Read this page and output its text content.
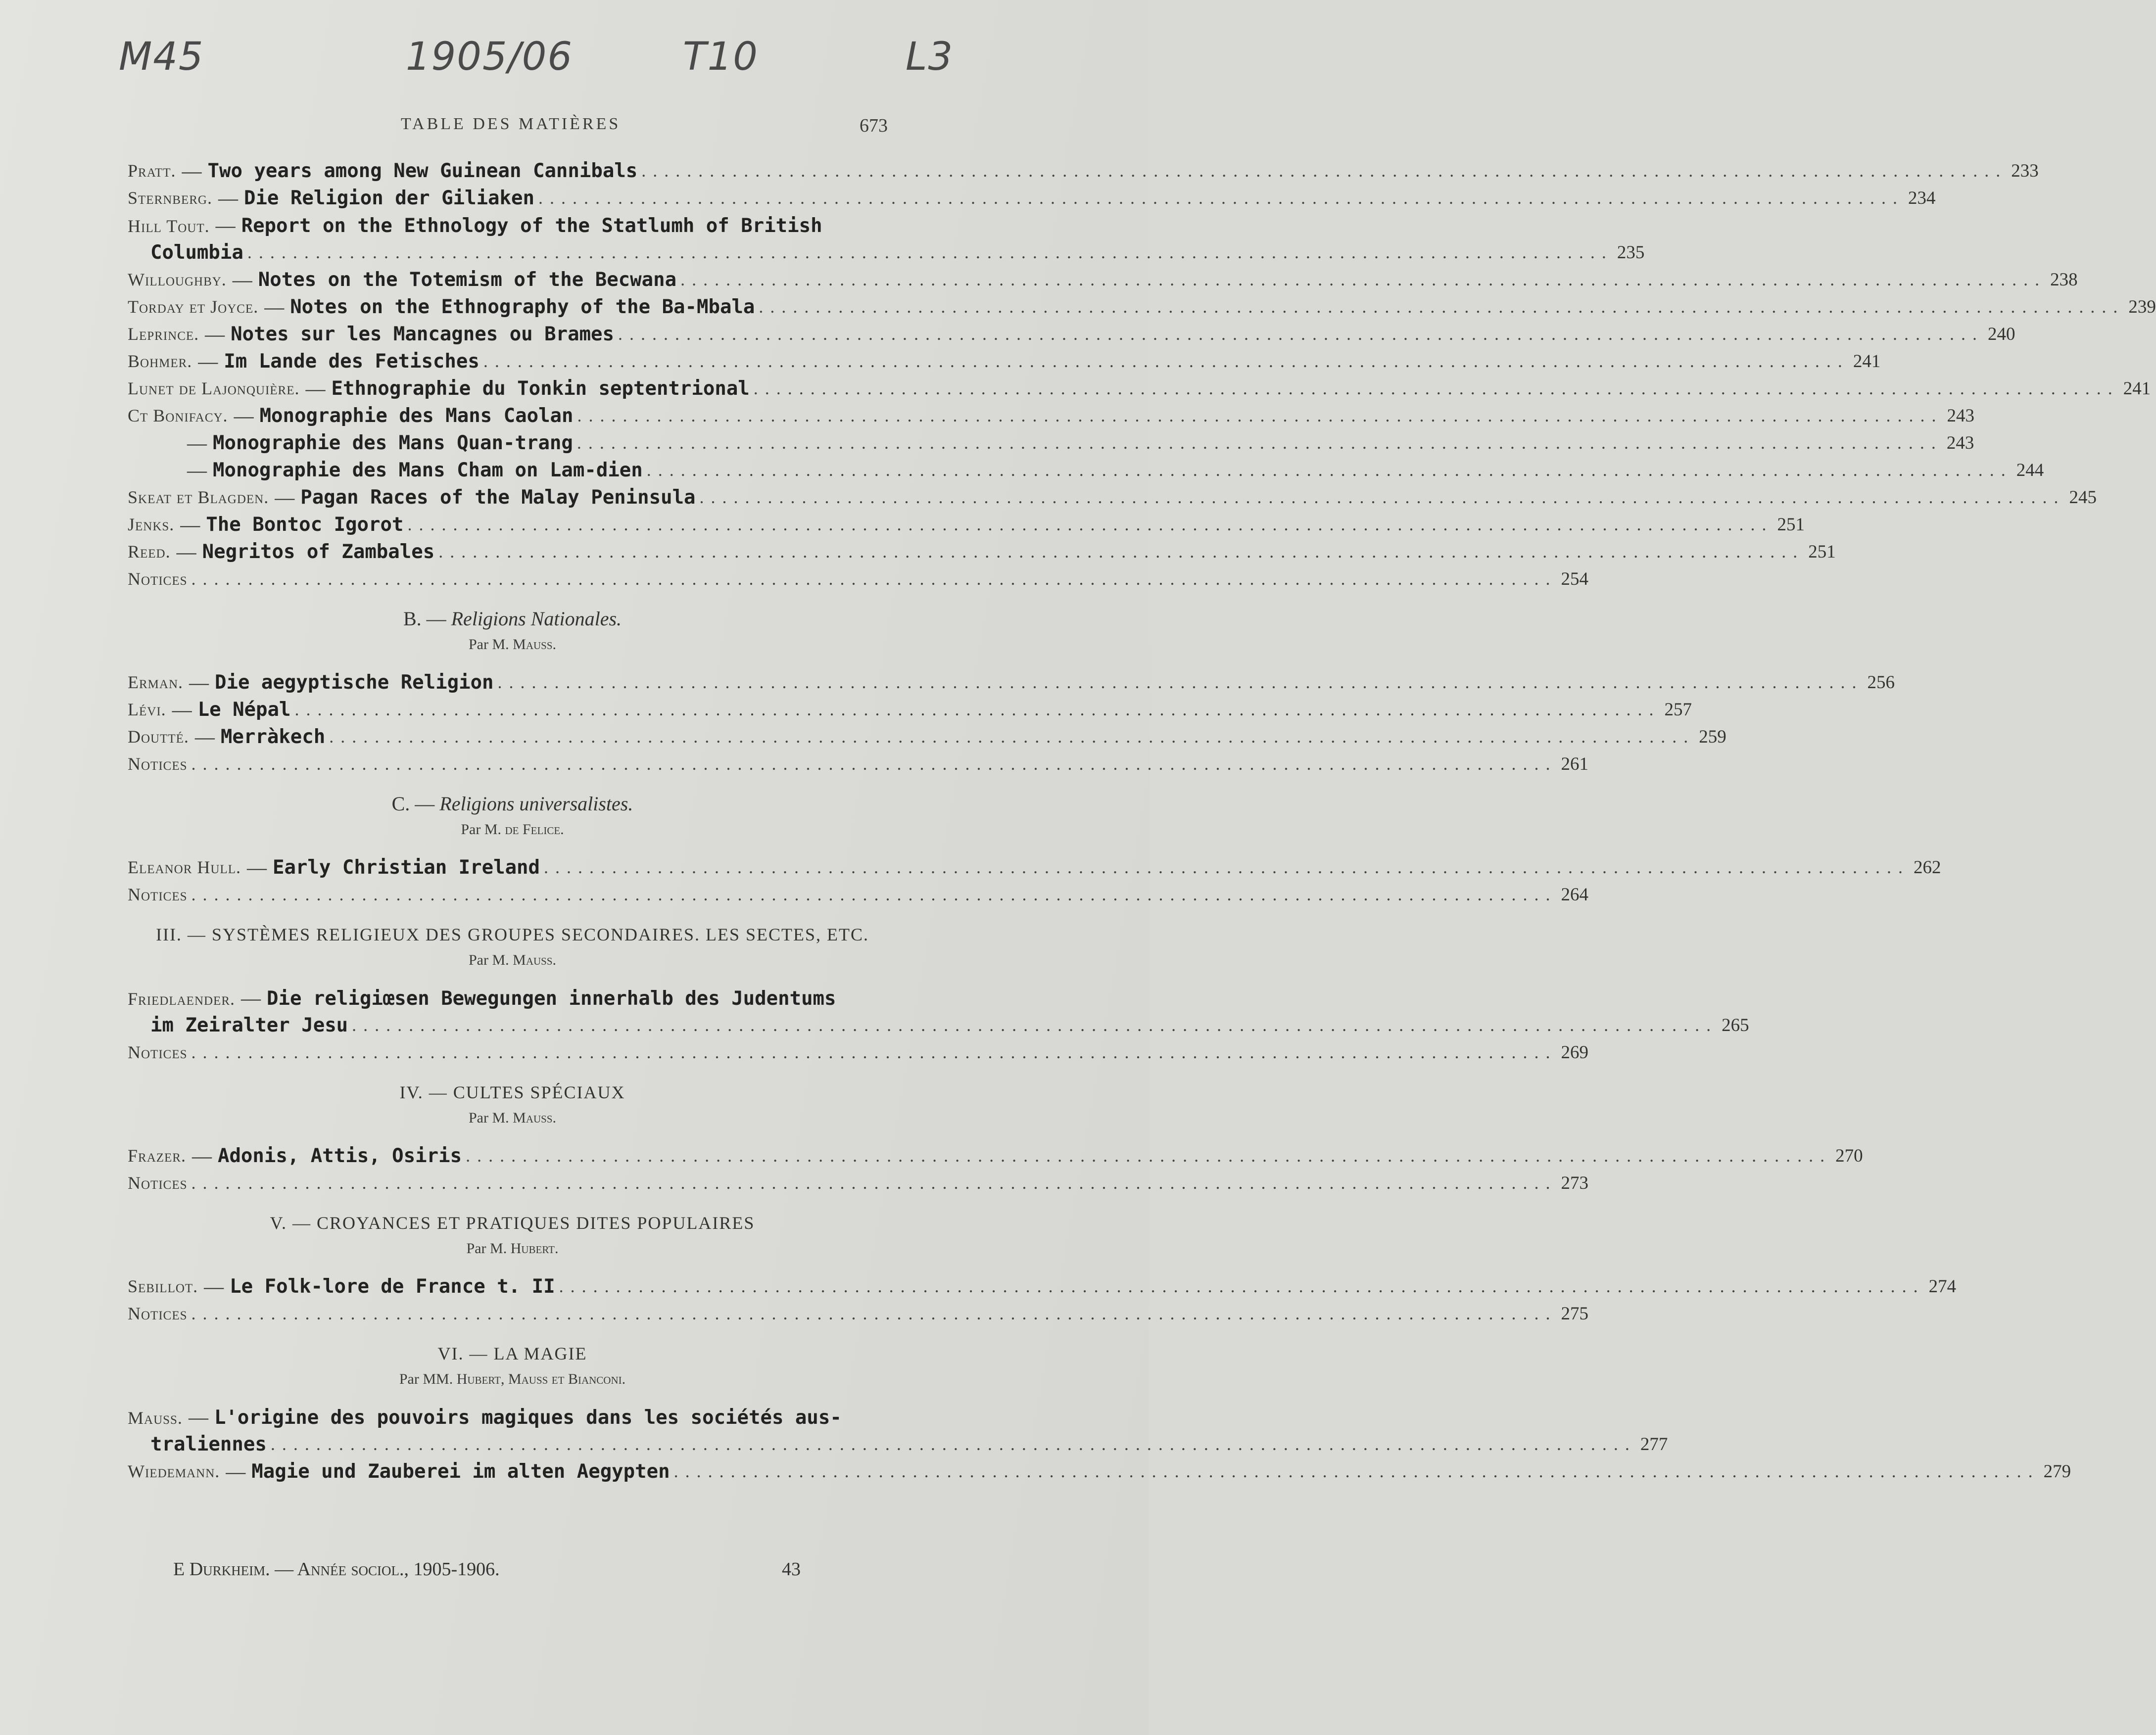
M45	1905/06	T10	L3
TABLE DES MATIÈRES	673
Pratt. — Two years among New Guinean Cannibals ........................................................................................................................ 233
Sternberg. — Die Religion der Giliaken ........................................................................................................................ 234
Hill Tout. — Report on the Ethnology of the Statlumh of British
Columbia ........................................................................................................................ 235
Willoughby. — Notes on the Totemism of the Becwana ........................................................................................................................ 238
Torday et Joyce. — Notes on the Ethnography of the Ba-Mbala ........................................................................................................................ 239
Leprince. — Notes sur les Mancagnes ou Brames ........................................................................................................................ 240
Bohmer. — Im Lande des Fetisches ........................................................................................................................ 241
Lunet de Lajonquière. — Ethnographie du Tonkin septentrional ........................................................................................................................ 241
Ct Bonifacy. — Monographie des Mans Caolan ........................................................................................................................ 243
— Monographie des Mans Quan-trang ........................................................................................................................ 243
— Monographie des Mans Cham on Lam-dien ........................................................................................................................ 244
Skeat et Blagden. — Pagan Races of the Malay Peninsula ........................................................................................................................ 245
Jenks. — The Bontoc Igorot ........................................................................................................................ 251
Reed. — Negritos of Zambales ........................................................................................................................ 251
Notices ........................................................................................................................ 254
B. — Religions Nationales.
Par M. Mauss.
Erman. — Die aegyptische Religion ........................................................................................................................ 256
Lévi. — Le Népal ........................................................................................................................ 257
Doutté. — Merràkech ........................................................................................................................ 259
Notices ........................................................................................................................ 261
C. — Religions universalistes.
Par M. de Felice.
Eleanor Hull. — Early Christian Ireland ........................................................................................................................ 262
Notices ........................................................................................................................ 264
III. — SYSTÈMES RELIGIEUX DES GROUPES SECONDAIRES. LES SECTES, ETC.
Par M. Mauss.
Friedlaender. — Die religiœsen Bewegungen innerhalb des Judentums
im Zeiralter Jesu ........................................................................................................................ 265
Notices ........................................................................................................................ 269
IV. — CULTES SPÉCIAUX
Par M. Mauss.
Frazer. — Adonis, Attis, Osiris ........................................................................................................................ 270
Notices ........................................................................................................................ 273
V. — CROYANCES ET PRATIQUES DITES POPULAIRES
Par M. Hubert.
Sebillot. — Le Folk-lore de France t. II ........................................................................................................................ 274
Notices ........................................................................................................................ 275
VI. — LA MAGIE
Par MM. Hubert, Mauss et Bianconi.
Mauss. — L'origine des pouvoirs magiques dans les sociétés aus-
traliennes ........................................................................................................................ 277
Wiedemann. — Magie und Zauberei im alten Aegypten ........................................................................................................................ 279
E Durkheim. — Année sociol., 1905-1906.	43
